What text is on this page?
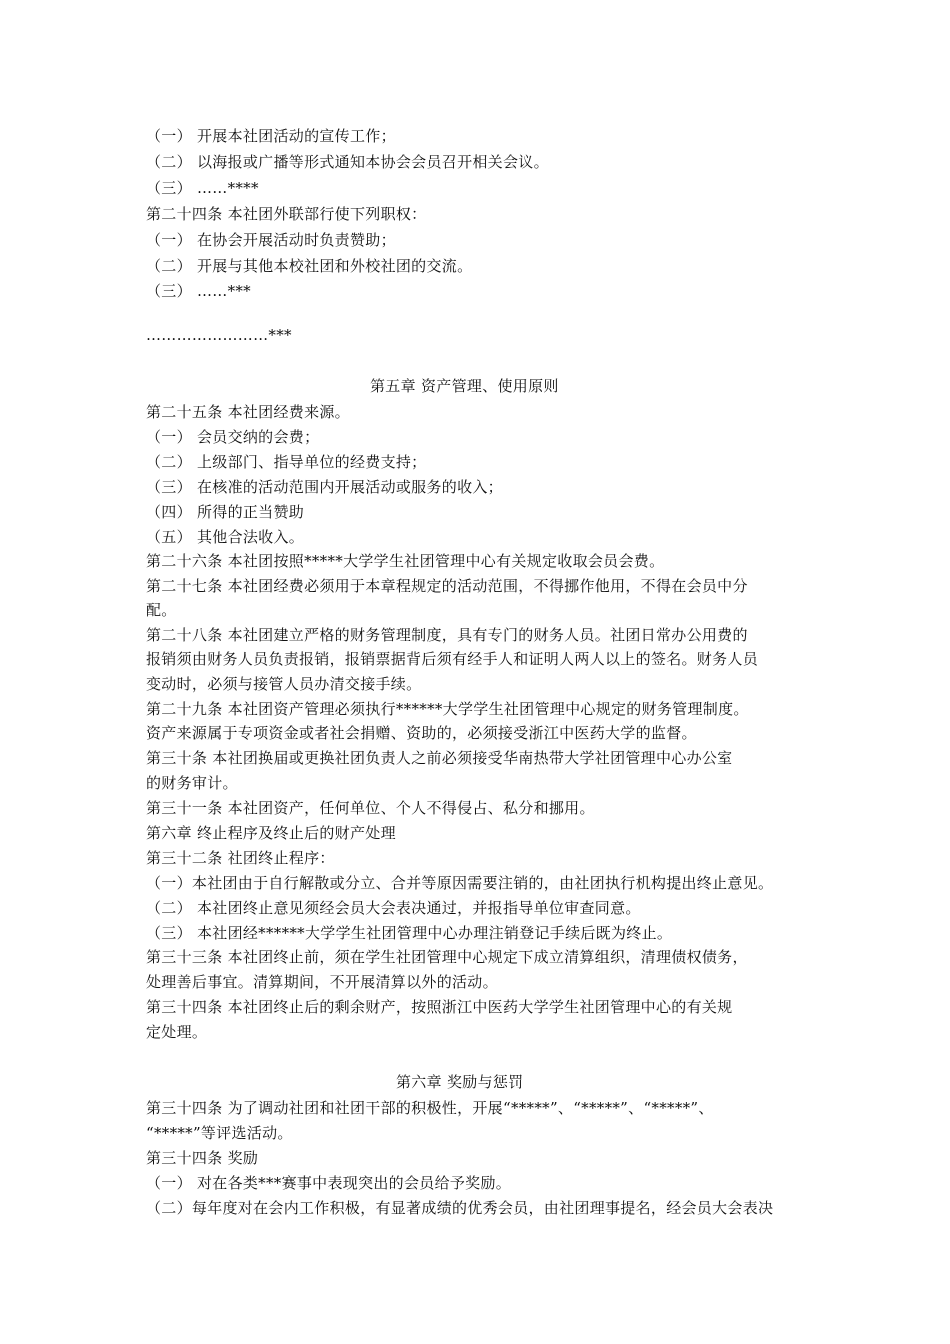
（一） 开展本社团活动的宣传工作；
（二） 以海报或广播等形式通知本协会会员召开相关会议。
（三） ……****
第二十四条 本社团外联部行使下列职权：
（一） 在协会开展活动时负责赞助；
（二） 开展与其他本校社团和外校社团的交流。
（三） ……***
……………………***
第五章 资产管理、使用原则
第二十五条 本社团经费来源。
（一） 会员交纳的会费；
（二） 上级部门、指导单位的经费支持；
（三） 在核准的活动范围内开展活动或服务的收入；
（四） 所得的正当赞助
（五） 其他合法收入。
第二十六条 本社团按照*****大学学生社团管理中心有关规定收取会员会费。
第二十七条 本社团经费必须用于本章程规定的活动范围，不得挪作他用，不得在会员中分
配。
第二十八条 本社团建立严格的财务管理制度，具有专门的财务人员。社团日常办公用费的
报销须由财务人员负责报销，报销票据背后须有经手人和证明人两人以上的签名。财务人员
变动时，必须与接管人员办清交接手续。
第二十九条 本社团资产管理必须执行******大学学生社团管理中心规定的财务管理制度。
资产来源属于专项资金或者社会捐赠、资助的，必须接受浙江中医药大学的监督。
第三十条 本社团换届或更换社团负责人之前必须接受华南热带大学社团管理中心办公室
的财务审计。
第三十一条 本社团资产，任何单位、个人不得侵占、私分和挪用。
第六章 终止程序及终止后的财产处理
第三十二条 社团终止程序：
（一）本社团由于自行解散或分立、合并等原因需要注销的，由社团执行机构提出终止意见。
（二） 本社团终止意见须经会员大会表决通过，并报指导单位审查同意。
（三） 本社团经******大学学生社团管理中心办理注销登记手续后既为终止。
第三十三条 本社团终止前，须在学生社团管理中心规定下成立清算组织，清理债权债务，
处理善后事宜。清算期间，不开展清算以外的活动。
第三十四条 本社团终止后的剩余财产，按照浙江中医药大学学生社团管理中心的有关规
定处理。
第六章 奖励与惩罚
第三十四条 为了调动社团和社团干部的积极性，开展“*****”、“*****”、“*****”、
“*****”等评选活动。
第三十四条 奖励
（一） 对在各类***赛事中表现突出的会员给予奖励。
（二）每年度对在会内工作积极，有显著成绩的优秀会员，由社团理事提名，经会员大会表决
